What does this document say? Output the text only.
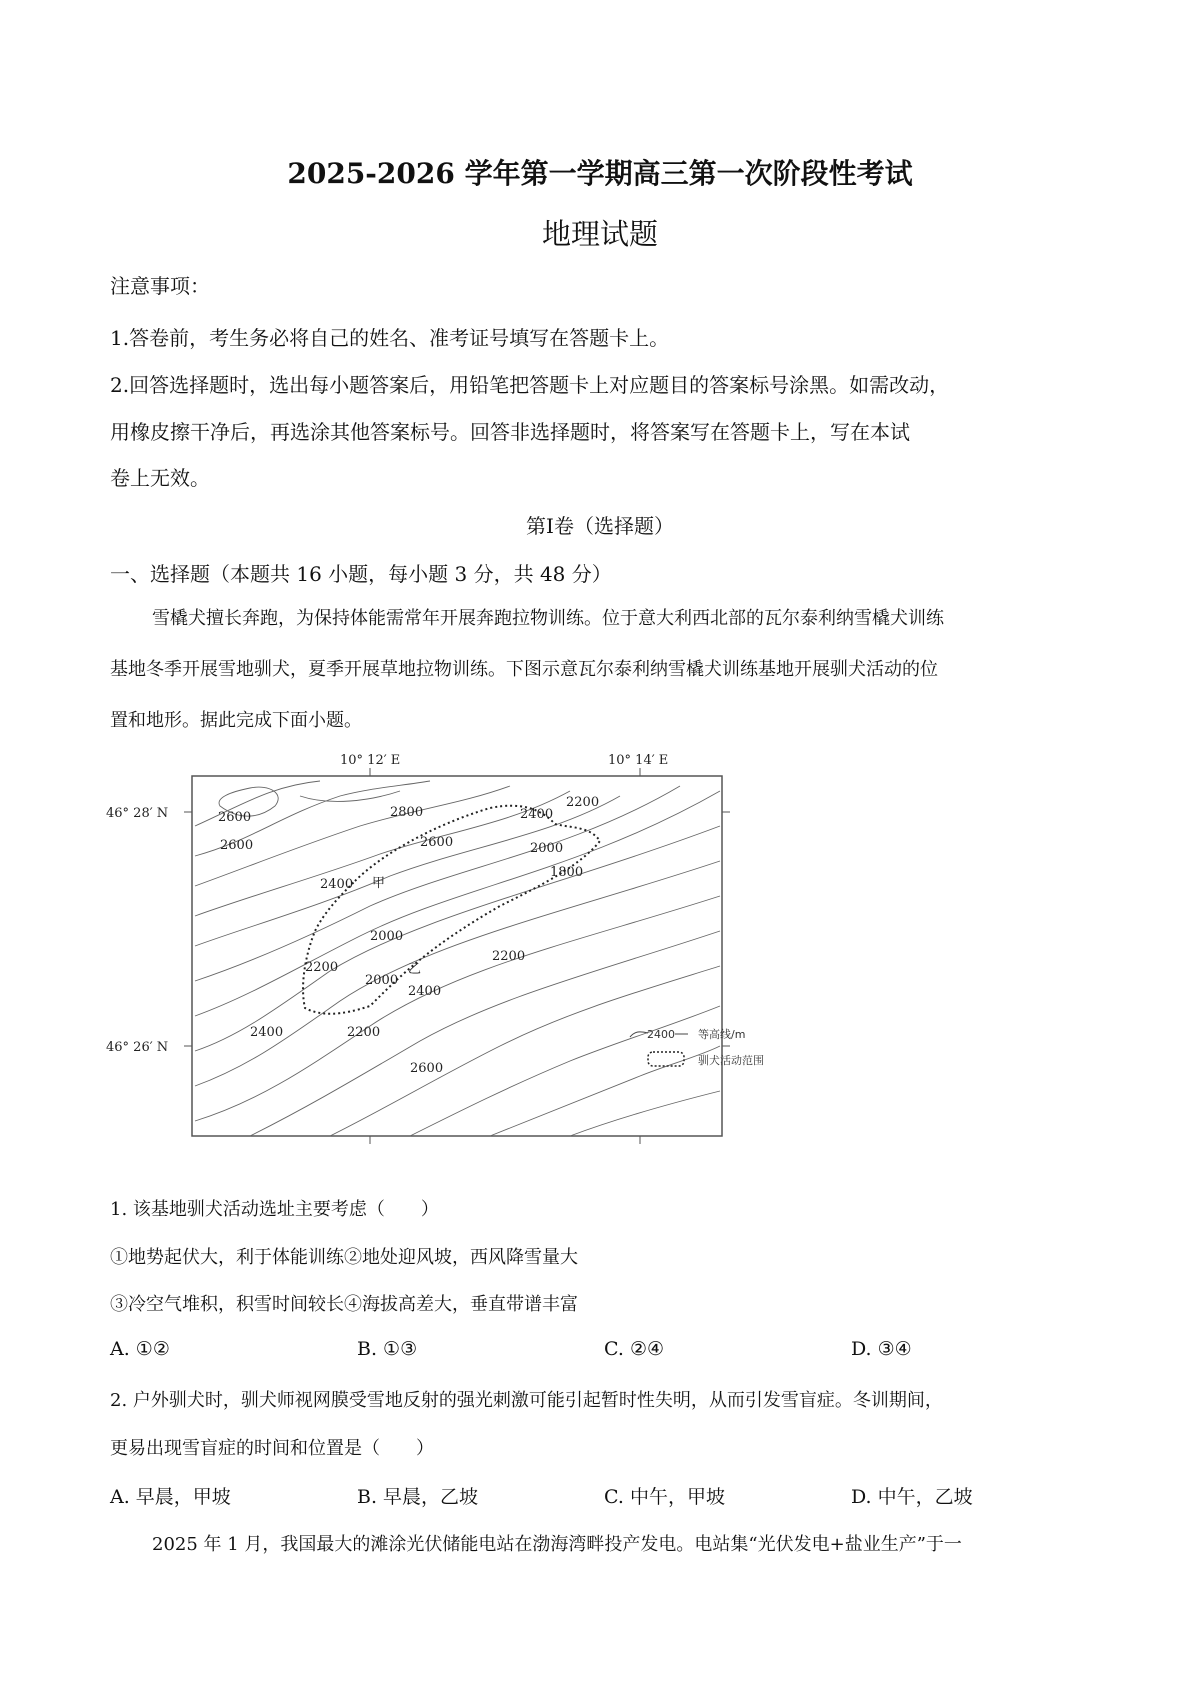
2025-2026 学年第一学期高三第一次阶段性考试
地理试题
注意事项：
1.答卷前，考生务必将自己的姓名、准考证号填写在答题卡上。
2.回答选择题时，选出每小题答案后，用铅笔把答题卡上对应题目的答案标号涂黑。如需改动，
用橡皮擦干净后，再选涂其他答案标号。回答非选择题时，将答案写在答题卡上，写在本试
卷上无效。
第Ⅰ卷（选择题）
一、选择题（本题共 16 小题，每小题 3 分，共 48 分）
雪橇犬擅长奔跑，为保持体能需常年开展奔跑拉物训练。位于意大利西北部的瓦尔泰利纳雪橇犬训练
基地冬季开展雪地驯犬，夏季开展草地拉物训练。下图示意瓦尔泰利纳雪橇犬训练基地开展驯犬活动的位
置和地形。据此完成下面小题。
10° 12′ E	10° 14′ E
46° 28′ N
46° 26′ N
2600
2600
2800
2600
2400
2200
2000
1800
2400 甲
2000
2200
2000
乙
2400
2200
2400	2200
2600
2400 等高线/m
驯犬活动范围
1. 该基地驯犬活动选址主要考虑（　　）
①地势起伏大，利于体能训练②地处迎风坡，西风降雪量大
③冷空气堆积，积雪时间较长④海拔高差大，垂直带谱丰富
A. ①②	B. ①③	C. ②④	D. ③④
2. 户外驯犬时，驯犬师视网膜受雪地反射的强光刺激可能引起暂时性失明，从而引发雪盲症。冬训期间，
更易出现雪盲症的时间和位置是（　　）
A. 早晨，甲坡	B. 早晨，乙坡	C. 中午，甲坡	D. 中午，乙坡
2025 年 1 月，我国最大的滩涂光伏储能电站在渤海湾畔投产发电。电站集“光伏发电+盐业生产”于一
